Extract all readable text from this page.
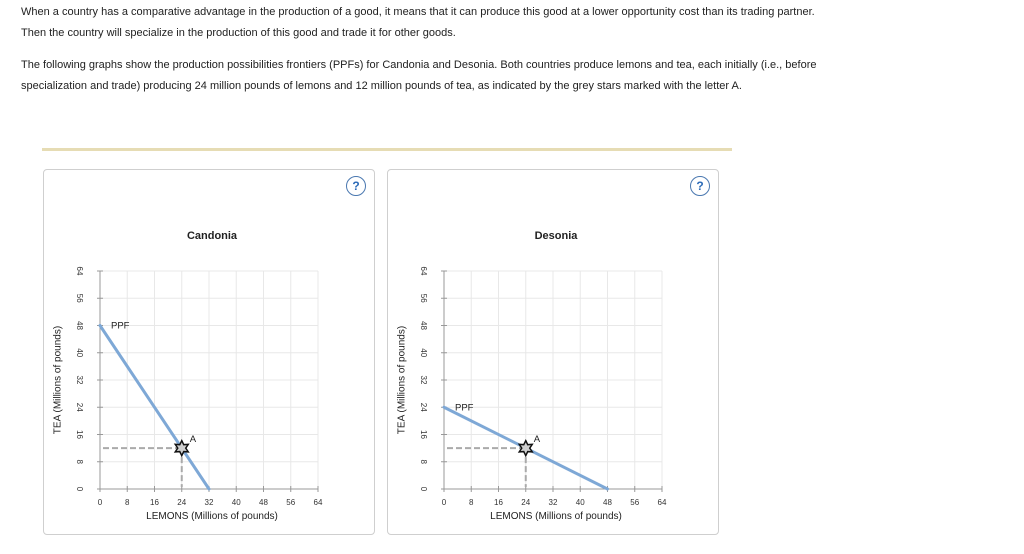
When a country has a comparative advantage in the production of a good, it means that it can produce this good at a lower opportunity cost than its trading partner. Then the country will specialize in the production of this good and trade it for other goods.

The following graphs show the production possibilities frontiers (PPFs) for Candonia and Desonia. Both countries produce lemons and tea, each initially (i.e., before specialization and trade) producing 24 million pounds of lemons and 12 million pounds of tea, as indicated by the grey stars marked with the letter A.

?
0
8
16
24
32
40
48
56
64
0	8	16 24 32 40 48 56 64
Candonia
LEMONS (Millions of pounds)
TEA (Millions of pounds)	PPF
A
?
0
8
16
24
32
40
48
56
64
0	8	16 24 32 40 48 56 64
Desonia
LEMONS (Millions of pounds)
TEA (Millions of pounds)	PPF
A
